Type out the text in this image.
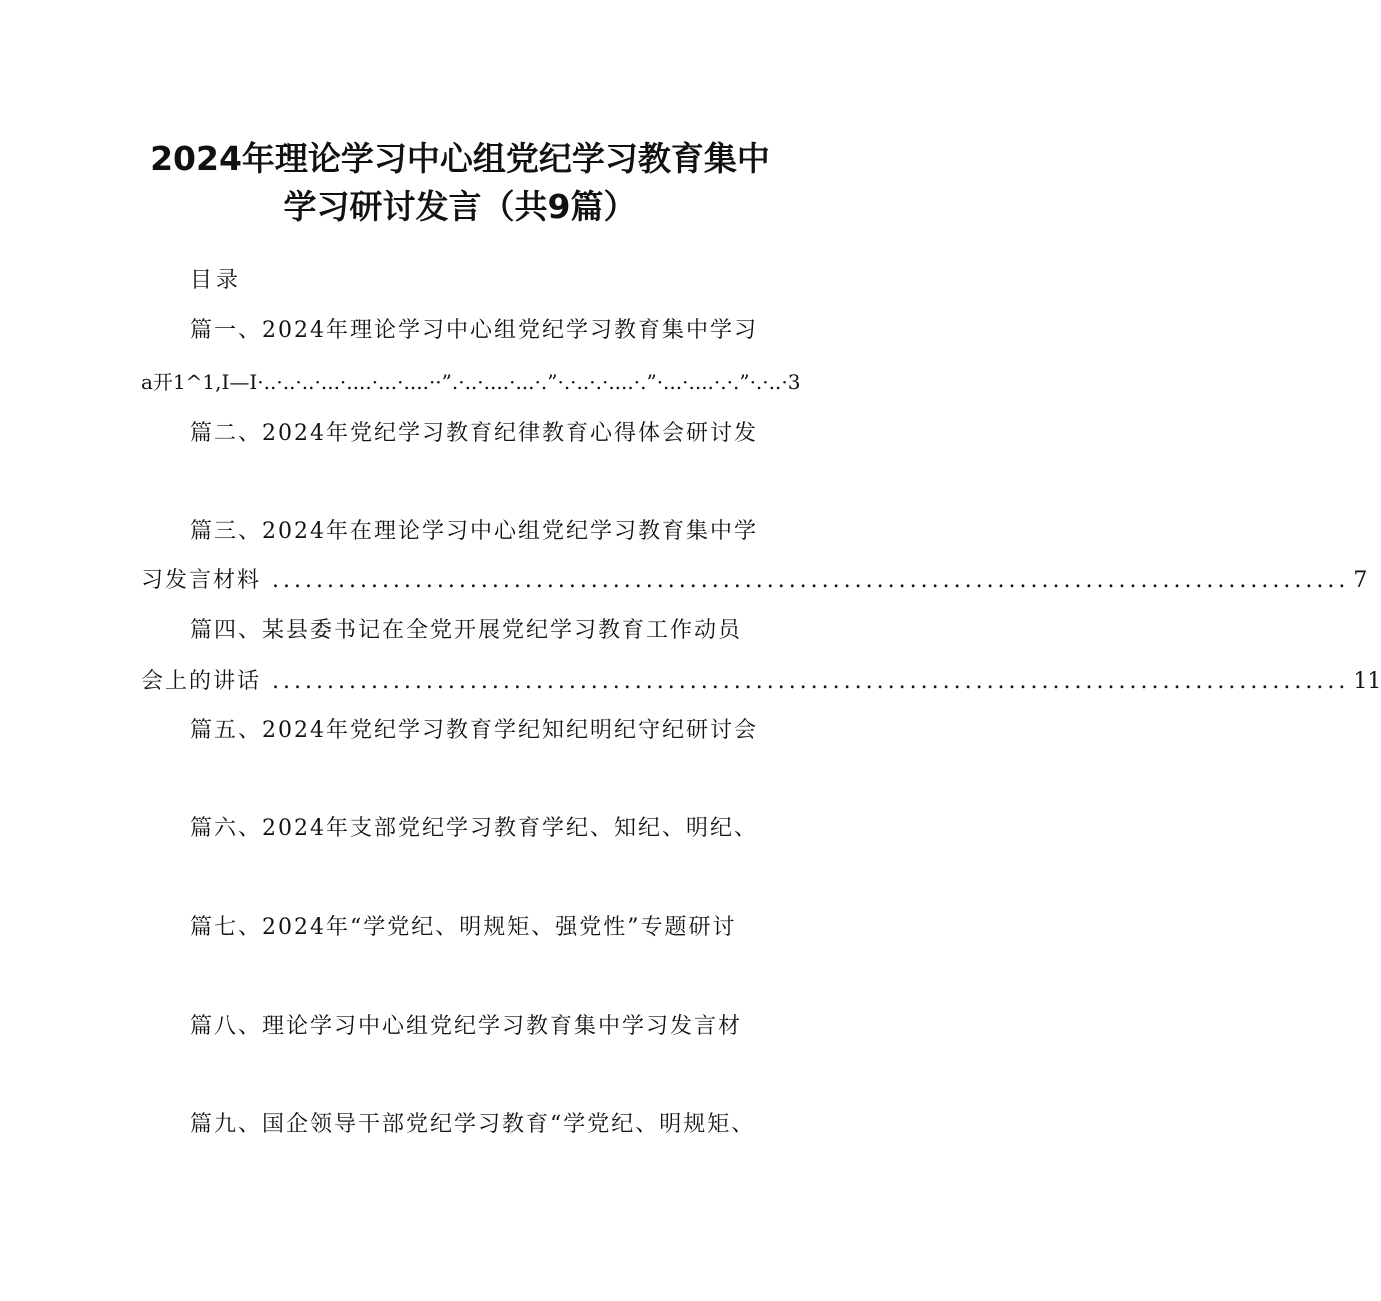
2024年理论学习中心组党纪学习教育集中
学习研讨发言（共9篇）
目录
篇一、2024年理论学习中心组党纪学习教育集中学习
a开1^1,I—I·..·..·..·...·....·...·....··”.·..·....·...·.”·.·..·.·....·.”·...·....·.·.”·.·..·3
篇二、2024年党纪学习教育纪律教育心得体会研讨发
篇三、2024年在理论学习中心组党纪学习教育集中学
习发言材料 .................................................................................................. 7
篇四、某县委书记在全党开展党纪学习教育工作动员
会上的讲话 .................................................................................................. 11
篇五、2024年党纪学习教育学纪知纪明纪守纪研讨会
篇六、2024年支部党纪学习教育学纪、知纪、明纪、
篇七、2024年“学党纪、明规矩、强党性”专题研讨
篇八、理论学习中心组党纪学习教育集中学习发言材
篇九、国企领导干部党纪学习教育“学党纪、明规矩、
